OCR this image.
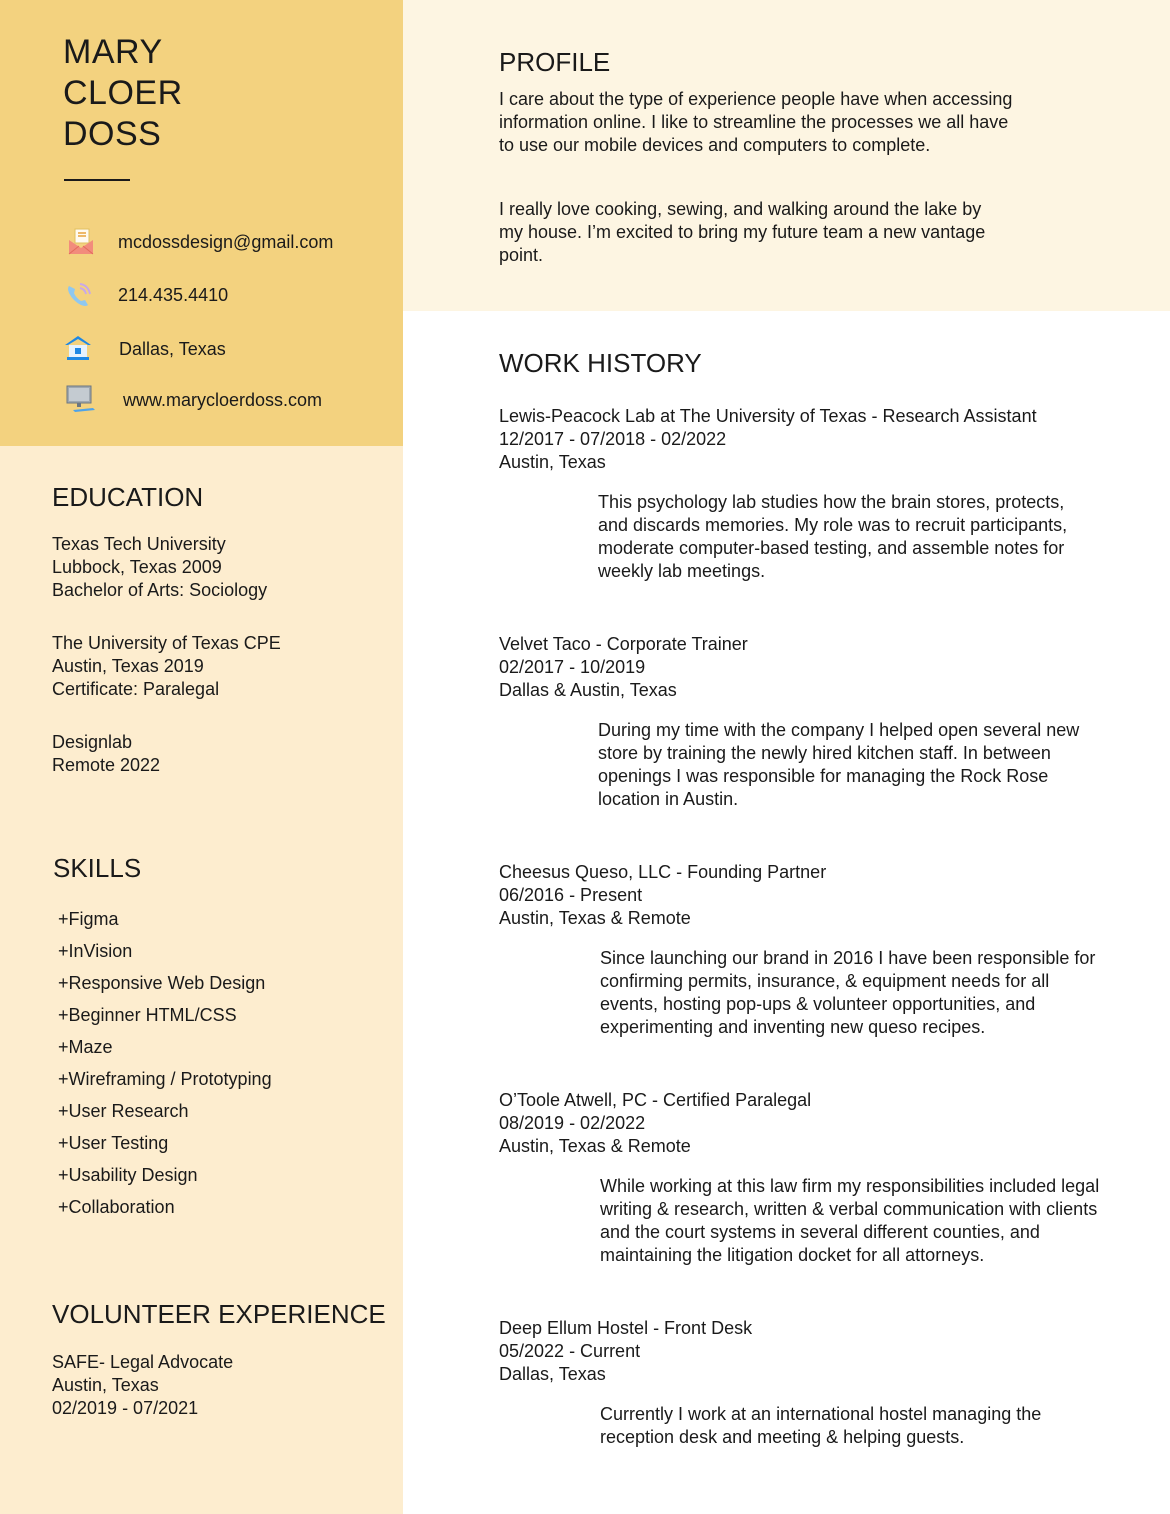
MARY
CLOER
DOSS
mcdossdesign@gmail.com
214.435.4410
Dallas, Texas
www.marycloerdoss.com
EDUCATION
Texas Tech University
Lubbock, Texas 2009
Bachelor of Arts: Sociology
The University of Texas CPE
Austin, Texas 2019
Certificate: Paralegal
Designlab
Remote 2022
SKILLS
+Figma
+InVision
+Responsive Web Design
+Beginner HTML/CSS
+Maze
+Wireframing / Prototyping
+User Research
+User Testing
+Usability Design
+Collaboration
VOLUNTEER EXPERIENCE
SAFE- Legal Advocate
Austin, Texas
02/2019 - 07/2021
PROFILE
I care about the type of experience people have when accessing
information online. I like to streamline the processes we all have
to use our mobile devices and computers to complete.
I really love cooking, sewing, and walking around the lake by
my house. I’m excited to bring my future team a new vantage
point.
WORK HISTORY
Lewis-Peacock Lab at The University of Texas - Research Assistant
12/2017 - 07/2018 - 02/2022
Austin, Texas
This psychology lab studies how the brain stores, protects,
and discards memories. My role was to recruit participants,
moderate computer-based testing, and assemble notes for
weekly lab meetings.
Velvet Taco - Corporate Trainer
02/2017 - 10/2019
Dallas & Austin, Texas
During my time with the company I helped open several new
store by training the newly hired kitchen staff. In between
openings I was responsible for managing the Rock Rose
location in Austin.
Cheesus Queso, LLC - Founding Partner
06/2016 - Present
Austin, Texas & Remote
Since launching our brand in 2016 I have been responsible for
confirming permits, insurance, & equipment needs for all
events, hosting pop-ups & volunteer opportunities, and
experimenting and inventing new queso recipes.
O’Toole Atwell, PC - Certified Paralegal
08/2019 - 02/2022
Austin, Texas & Remote
While working at this law firm my responsibilities included legal
writing & research, written & verbal communication with clients
and the court systems in several different counties, and
maintaining the litigation docket for all attorneys.
Deep Ellum Hostel - Front Desk
05/2022 - Current
Dallas, Texas
Currently I work at an international hostel managing the
reception desk and meeting & helping guests.
